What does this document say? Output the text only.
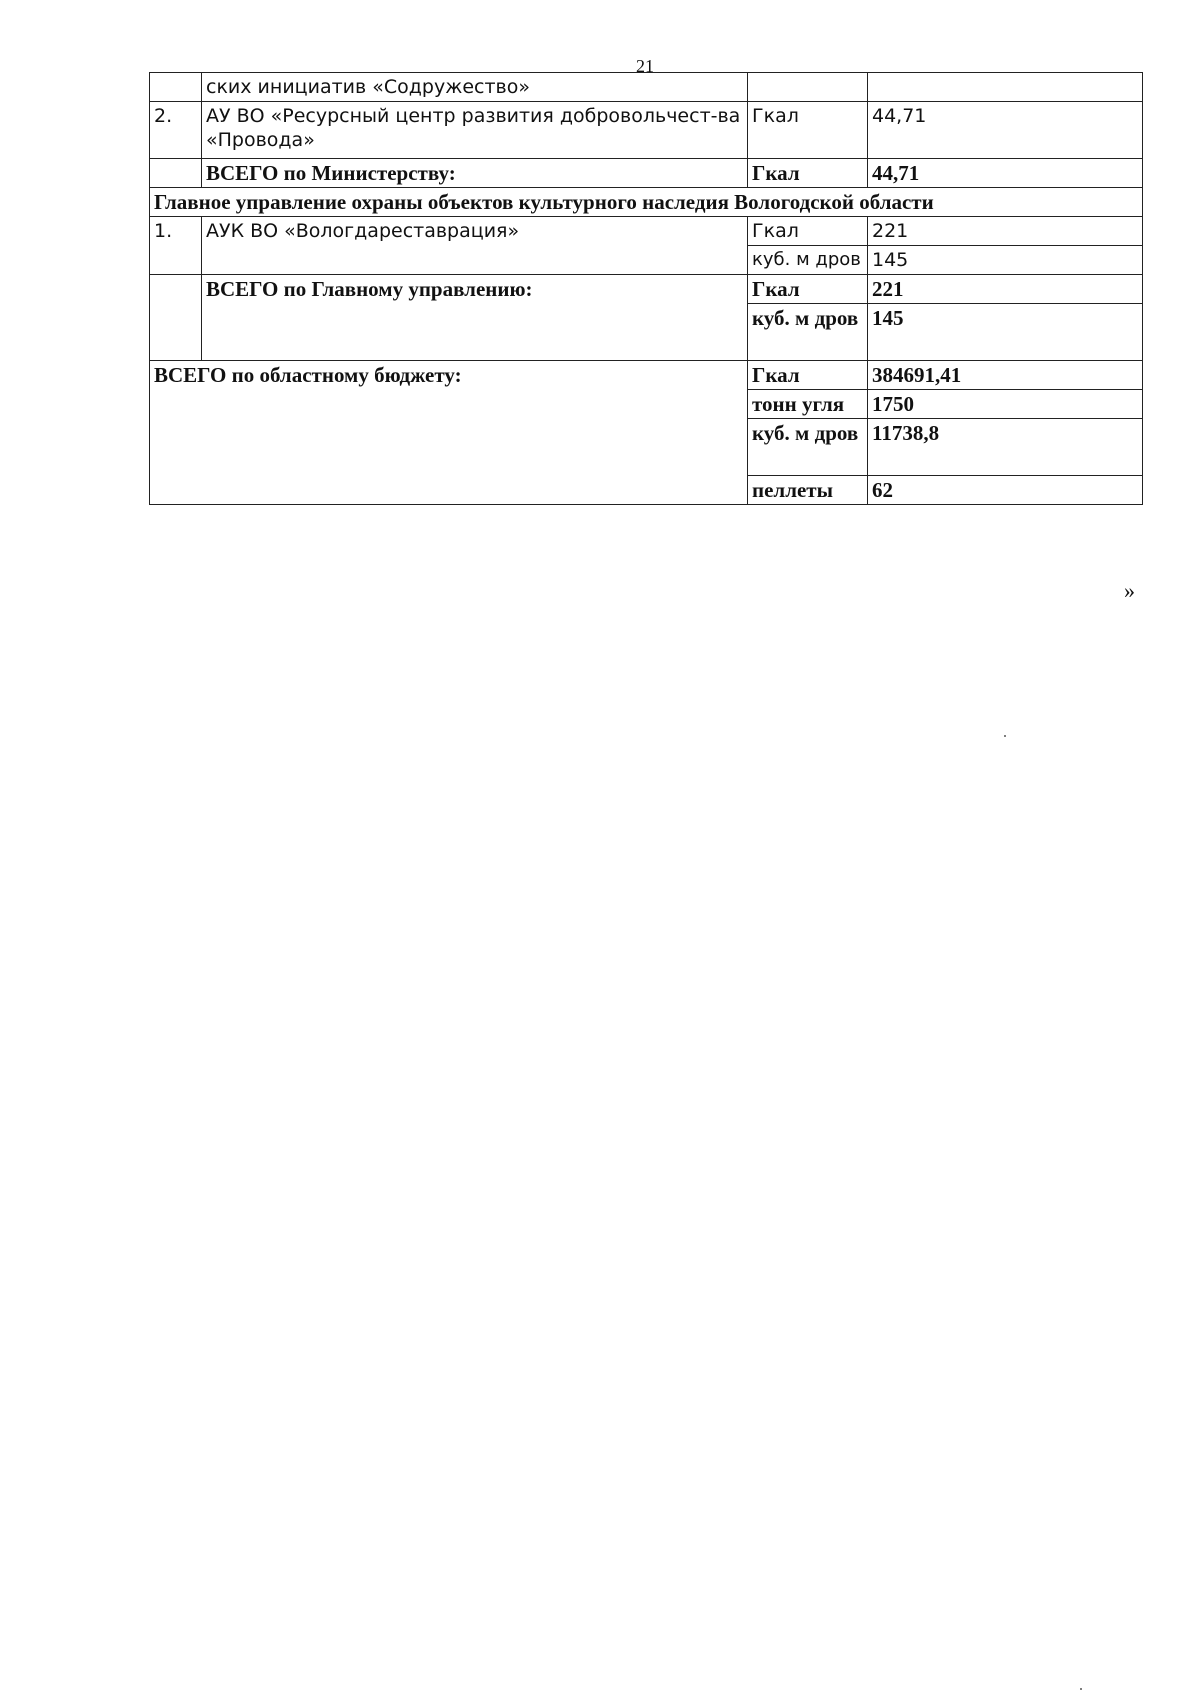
21
	ских инициатив «Содружество»		
2.	АУ ВО «Ресурсный центр развития добровольчест-ва «Провода»	Гкал	44,71
	ВСЕГО по Министерству:	Гкал	44,71
Главное управление охраны объектов культурного наследия Вологодской области			
1.	АУК ВО «Вологдареставрация»	Гкал	221
		куб. м дров	145
	ВСЕГО по Главному управлению:	Гкал	221
		куб. м дров	145
ВСЕГО по областному бюджету:		Гкал	384691,41
		тонн угля	1750
		куб. м дров	11738,8
		пеллеты	62
»
